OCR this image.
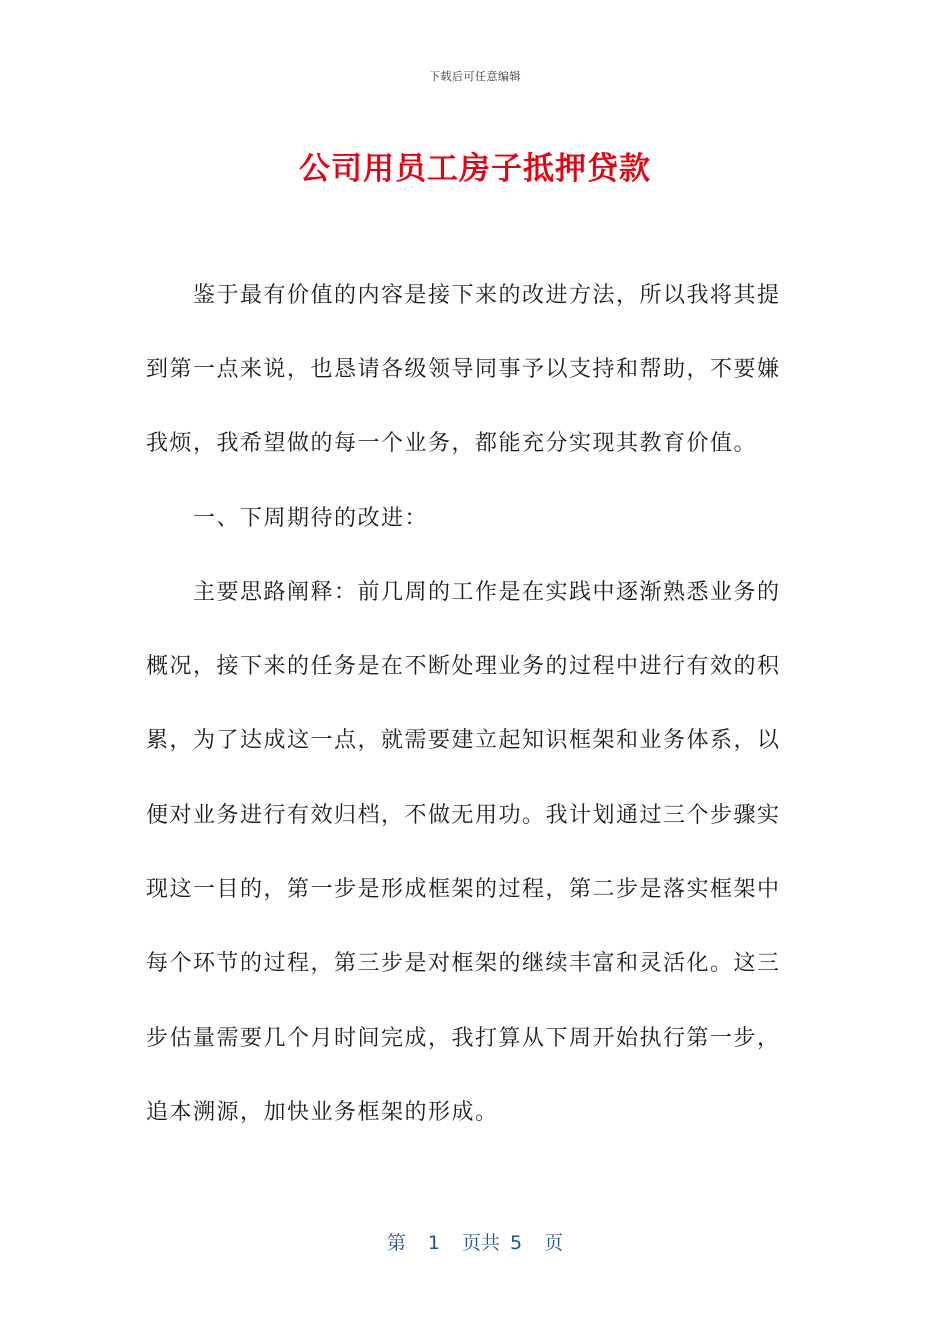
下载后可任意编辑
公司用员工房子抵押贷款
鉴于最有价值的内容是接下来的改进方法，所以我将其提
到第一点来说，也恳请各级领导同事予以支持和帮助，不要嫌
我烦，我希望做的每一个业务，都能充分实现其教育价值。
一、下周期待的改进：
主要思路阐释：前几周的工作是在实践中逐渐熟悉业务的
概况，接下来的任务是在不断处理业务的过程中进行有效的积
累，为了达成这一点，就需要建立起知识框架和业务体系，以
便对业务进行有效归档，不做无用功。我计划通过三个步骤实
现这一目的，第一步是形成框架的过程，第二步是落实框架中
每个环节的过程，第三步是对框架的继续丰富和灵活化。这三
步估量需要几个月时间完成，我打算从下周开始执行第一步，
追本溯源，加快业务框架的形成。
第 1 页共 5 页
